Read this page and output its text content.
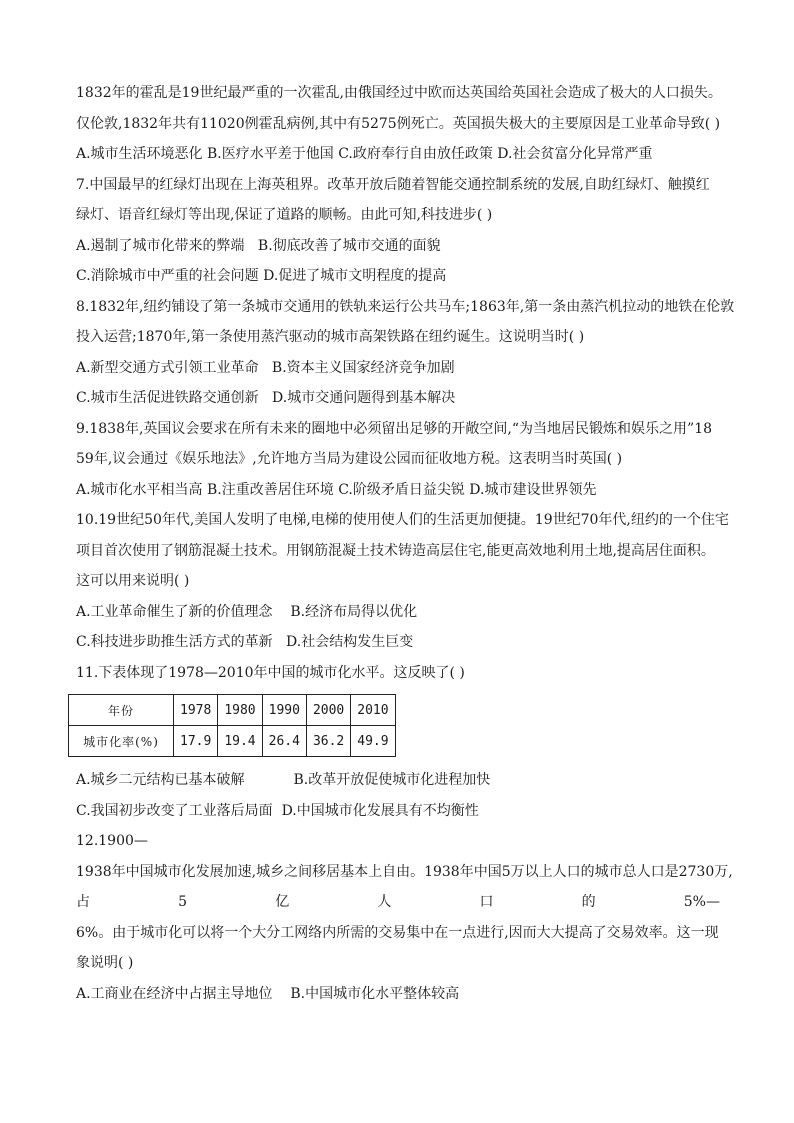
1832年的霍乱是19世纪最严重的一次霍乱,由俄国经过中欧而达英国给英国社会造成了极大的人口损失。

仅伦敦,1832年共有11020例霍乱病例,其中有5275例死亡。英国损失极大的主要原因是工业革命导致( )

A.城市生活环境恶化 B.医疗水平差于他国 C.政府奉行自由放任政策 D.社会贫富分化异常严重

7.中国最早的红绿灯出现在上海英租界。改革开放后随着智能交通控制系统的发展,自助红绿灯、触摸红

绿灯、语音红绿灯等出现,保证了道路的顺畅。由此可知,科技进步( )

A.遏制了城市化带来的弊端 B.彻底改善了城市交通的面貌

C.消除城市中严重的社会问题 D.促进了城市文明程度的提高

8.1832年,纽约铺设了第一条城市交通用的铁轨来运行公共马车;1863年,第一条由蒸汽机拉动的地铁在伦敦

投入运营;1870年,第一条使用蒸汽驱动的城市高架铁路在纽约诞生。这说明当时( )

A.新型交通方式引领工业革命 B.资本主义国家经济竞争加剧

C.城市生活促进铁路交通创新 D.城市交通问题得到基本解决

9.1838年,英国议会要求在所有未来的圈地中必须留出足够的开敞空间,“为当地居民锻炼和娱乐之用”18

59年,议会通过《娱乐地法》,允许地方当局为建设公园而征收地方税。这表明当时英国( )

A.城市化水平相当高 B.注重改善居住环境 C.阶级矛盾日益尖锐 D.城市建设世界领先

10.19世纪50年代,美国人发明了电梯,电梯的使用使人们的生活更加便捷。19世纪70年代,纽约的一个住宅

项目首次使用了钢筋混凝土技术。用钢筋混凝土技术铸造高层住宅,能更高效地利用土地,提高居住面积。

这可以用来说明( )

A.工业革命催生了新的价值理念 B.经济布局得以优化

C.科技进步助推生活方式的革新 D.社会结构发生巨变

11.下表体现了1978—2010年中国的城市化水平。这反映了( )

年份	1978	1980	1990	2000	2010
城市化率(%)	17.9	19.4	26.4	36.2	49.9

A.城乡二元结构已基本破解	B.改革开放促使城市化进程加快

C.我国初步改变了工业落后局面 D.中国城市化发展具有不均衡性

12.1900—

1938年中国城市化发展加速,城乡之间移居基本上自由。1938年中国5万以上人口的城市总人口是2730万,

占	5	亿	人	口	的	5%—

6%。由于城市化可以将一个大分工网络内所需的交易集中在一点进行,因而大大提高了交易效率。这一现

象说明( )

A.工商业在经济中占据主导地位 B.中国城市化水平整体较高
